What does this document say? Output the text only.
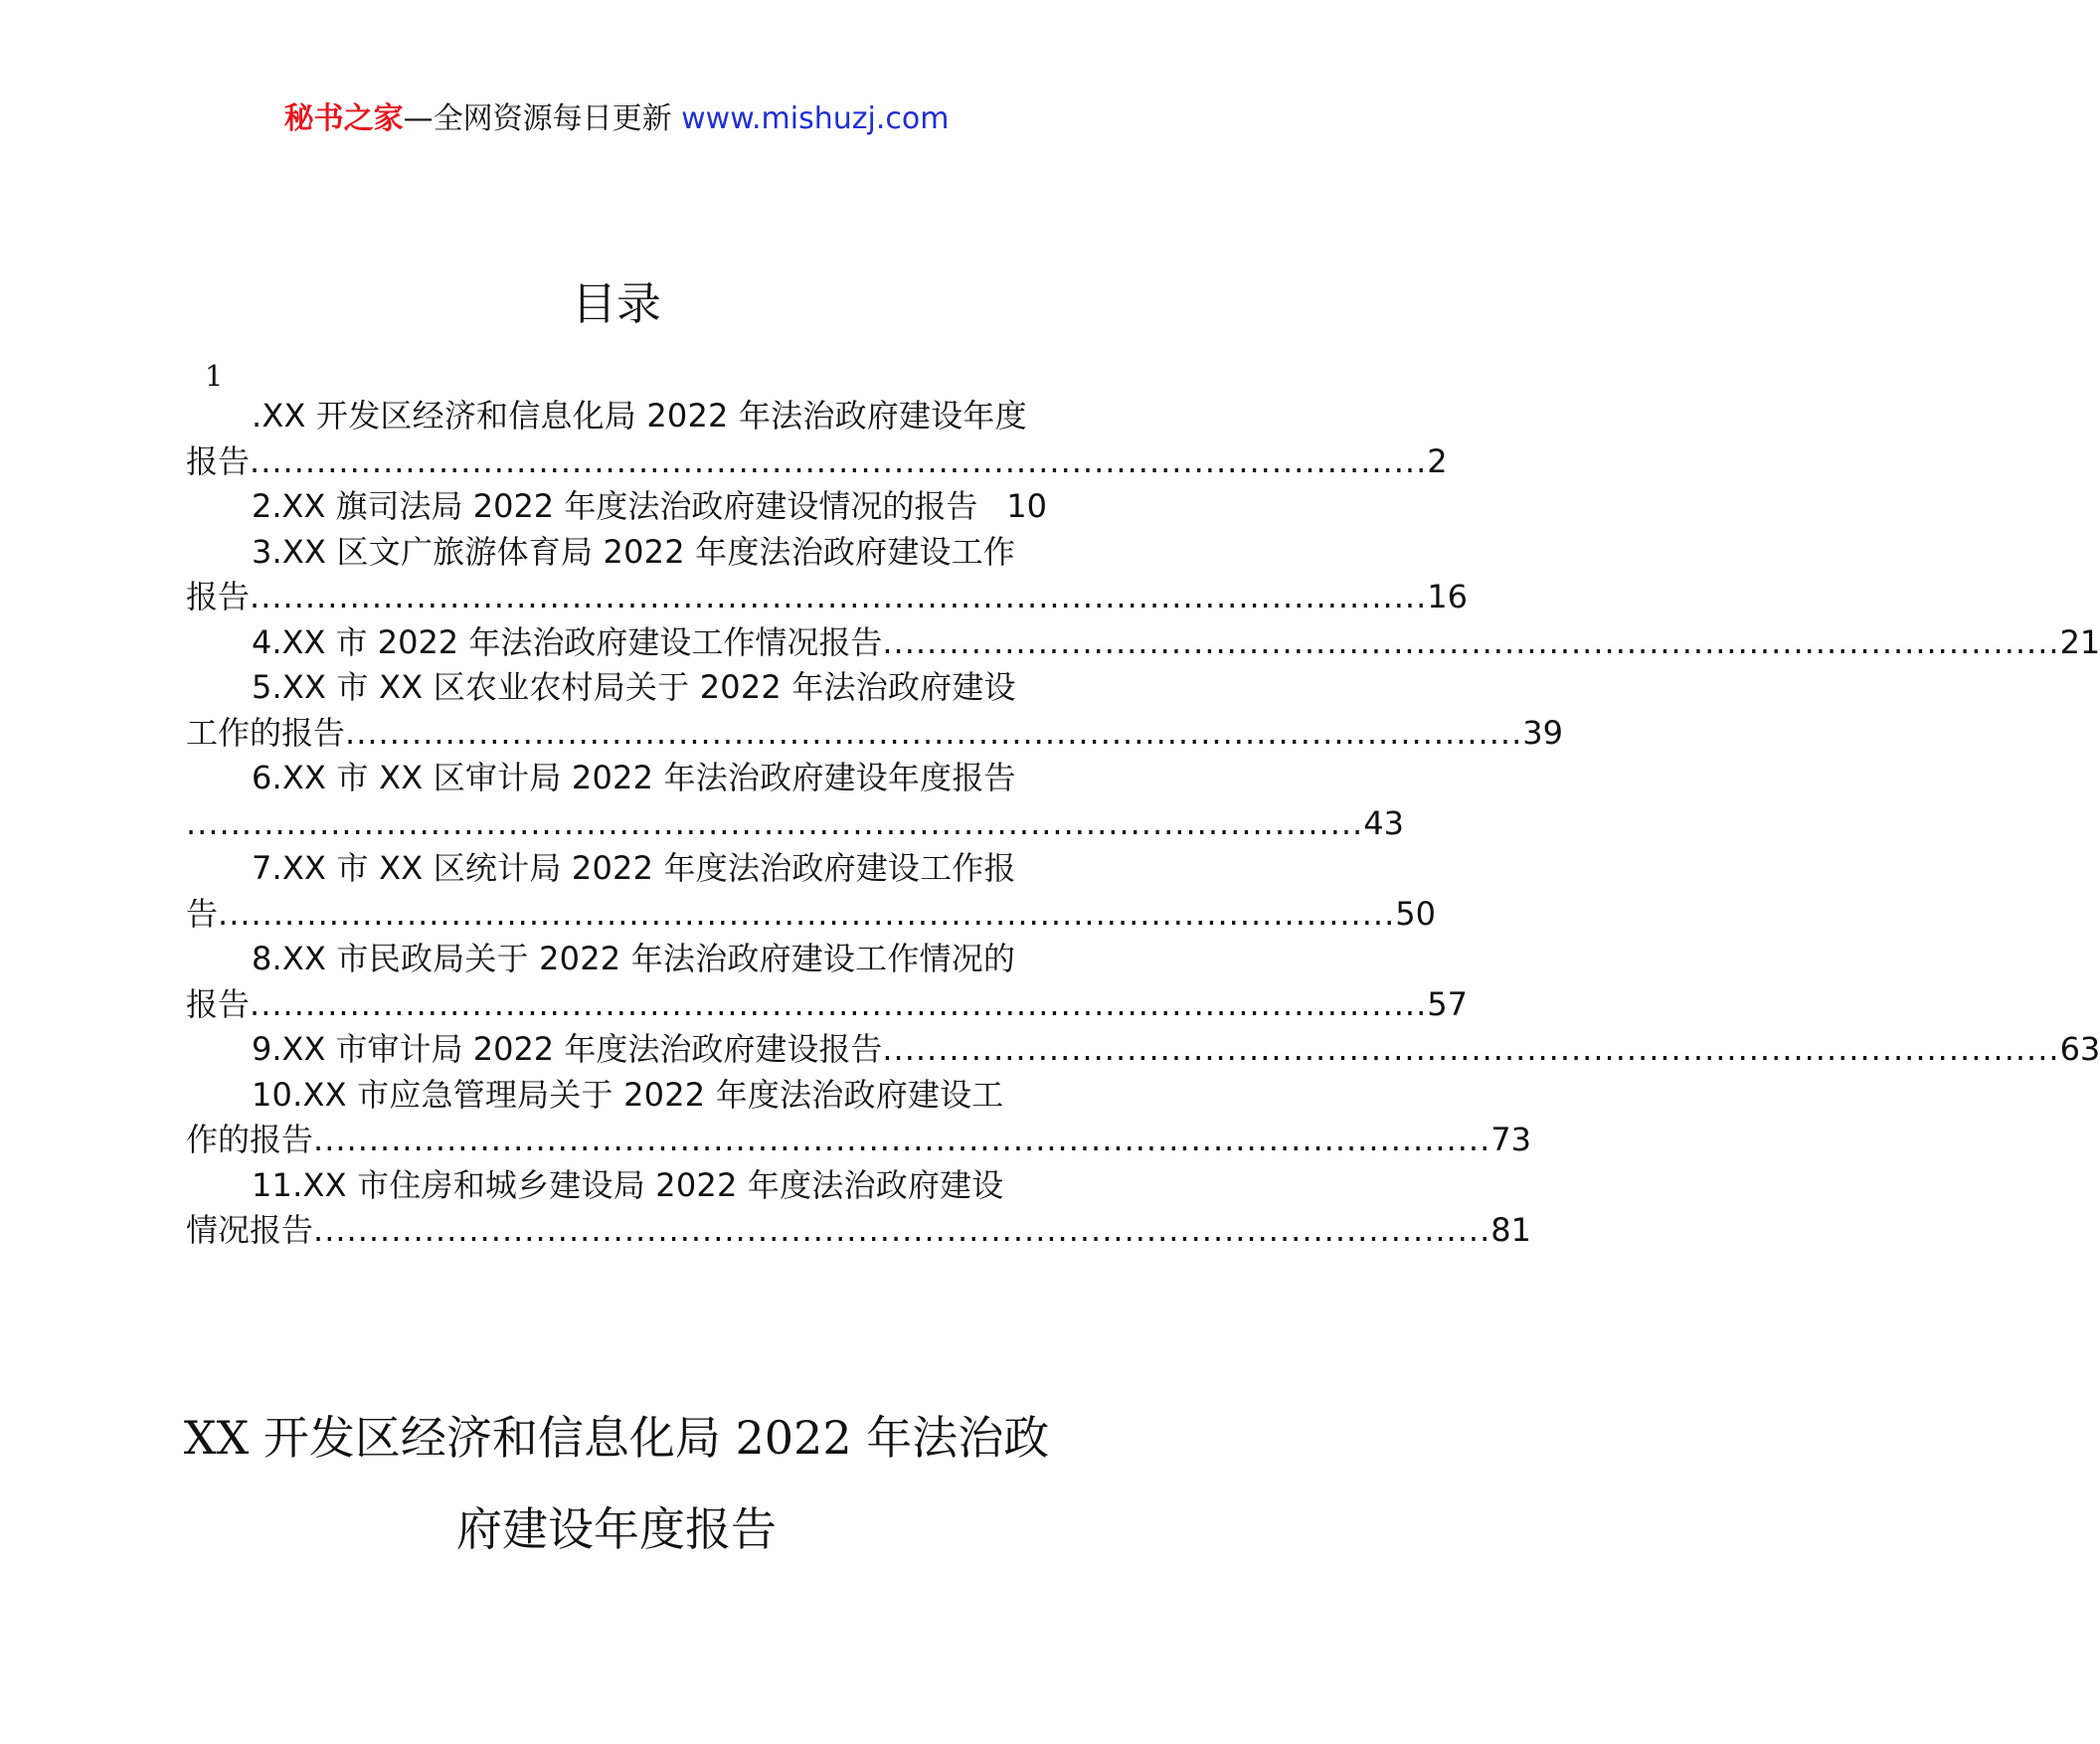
秘书之家—全网资源每日更新 www.mishuzj.com
目录
1
.XX 开发区经济和信息化局 2022 年法治政府建设年度
报告 .......................................................................................................... 2
2.XX 旗司法局 2022 年度法治政府建设情况的报告 10
3.XX 区文广旅游体育局 2022 年度法治政府建设工作
报告 .......................................................................................................... 16
4.XX 市 2022 年法治政府建设工作情况报告 .......................................................................................................... 21
5.XX 市 XX 区农业农村局关于 2022 年法治政府建设
工作的报告 .......................................................................................................... 39
6.XX 市 XX 区审计局 2022 年法治政府建设年度报告
.......................................................................................................... 43
7.XX 市 XX 区统计局 2022 年度法治政府建设工作报
告 .......................................................................................................... 50
8.XX 市民政局关于 2022 年法治政府建设工作情况的
报告 .......................................................................................................... 57
9.XX 市审计局 2022 年度法治政府建设报告 .......................................................................................................... 63
10.XX 市应急管理局关于 2022 年度法治政府建设工
作的报告 .......................................................................................................... 73
11.XX 市住房和城乡建设局 2022 年度法治政府建设
情况报告 .......................................................................................................... 81
XX 开发区经济和信息化局 2022 年法治政
府建设年度报告
